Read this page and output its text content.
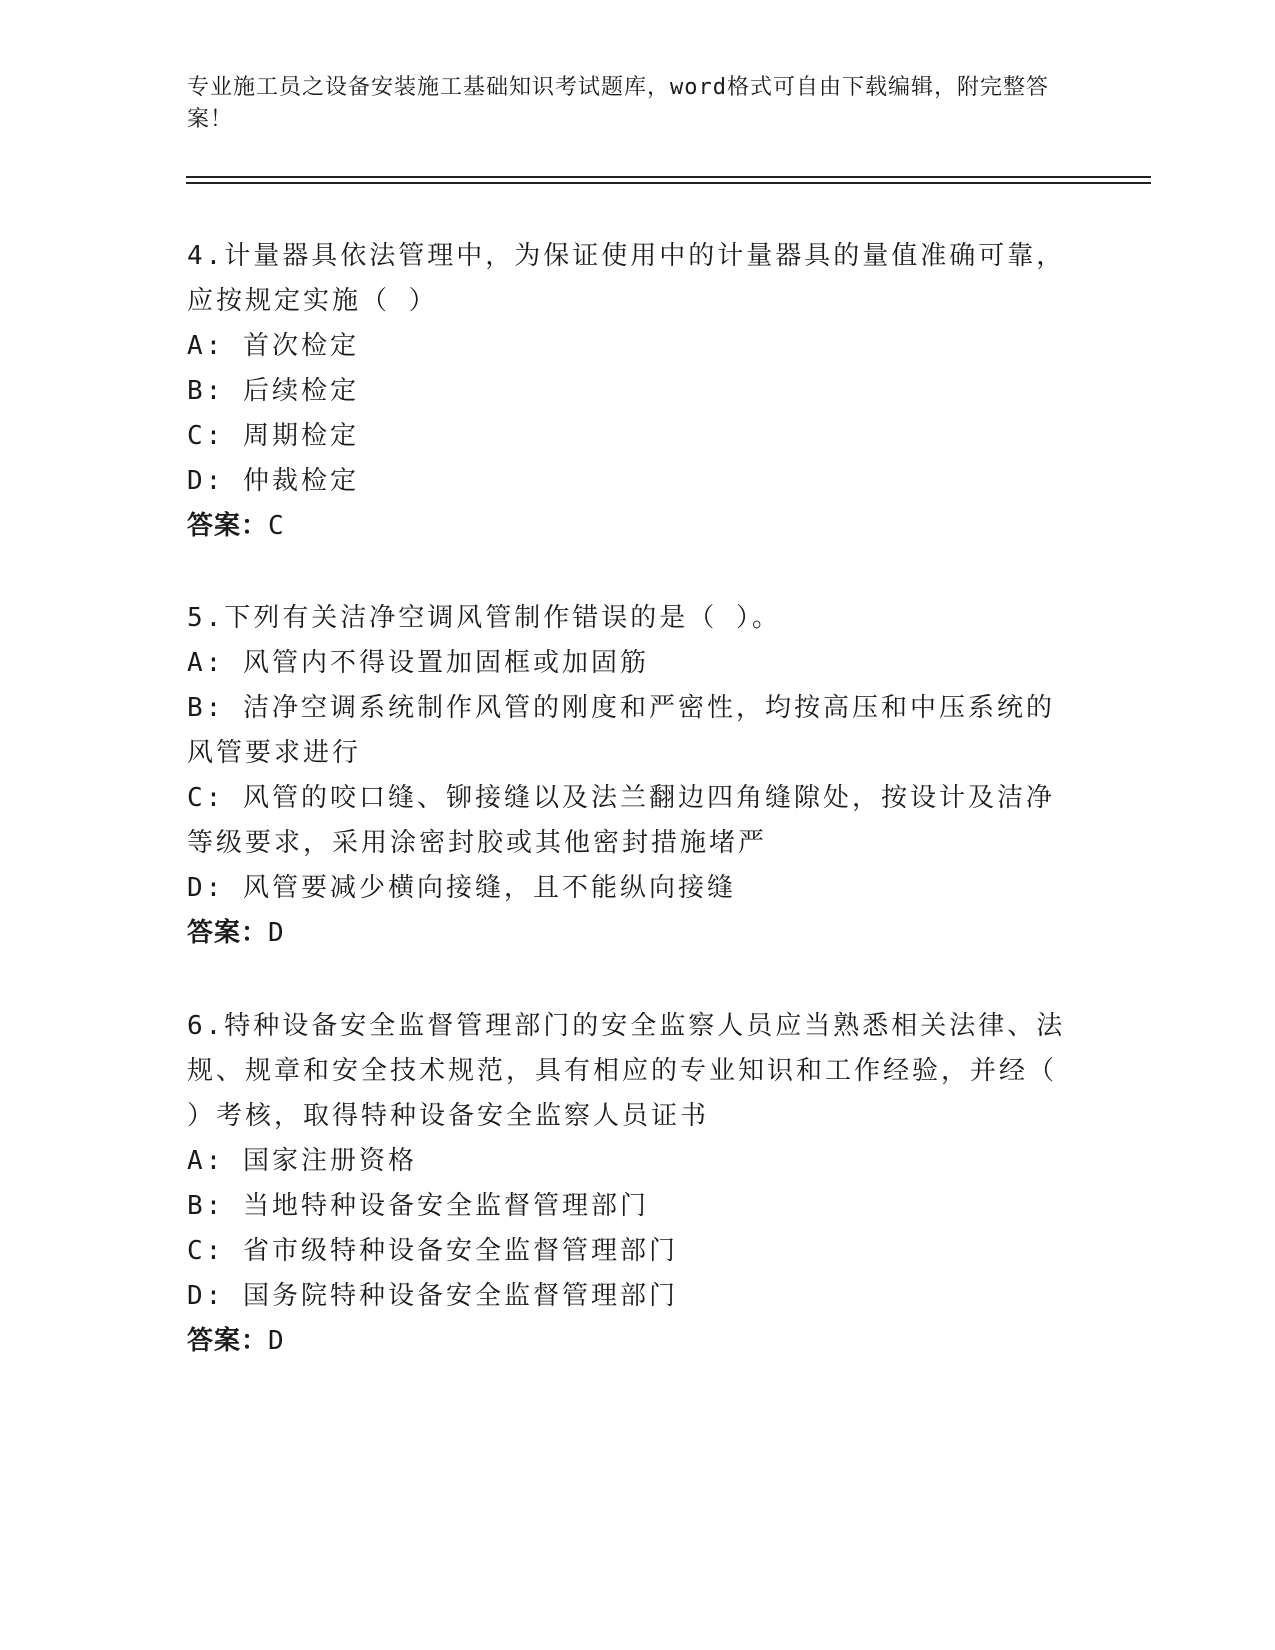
专业施工员之设备安装施工基础知识考试题库，word格式可自由下载编辑，附完整答案！
4.计量器具依法管理中，为保证使用中的计量器具的量值准确可靠，应按规定实施（ ）
A: 首次检定
B: 后续检定
C: 周期检定
D: 仲裁检定
答案：C
5.下列有关洁净空调风管制作错误的是（ ）。
A: 风管内不得设置加固框或加固筋
B: 洁净空调系统制作风管的刚度和严密性，均按高压和中压系统的风管要求进行
C: 风管的咬口缝、铆接缝以及法兰翻边四角缝隙处，按设计及洁净等级要求，采用涂密封胶或其他密封措施堵严
D: 风管要减少横向接缝，且不能纵向接缝
答案：D
6.特种设备安全监督管理部门的安全监察人员应当熟悉相关法律、法规、规章和安全技术规范，具有相应的专业知识和工作经验，并经（ ）考核，取得特种设备安全监察人员证书
A: 国家注册资格
B: 当地特种设备安全监督管理部门
C: 省市级特种设备安全监督管理部门
D: 国务院特种设备安全监督管理部门
答案：D
